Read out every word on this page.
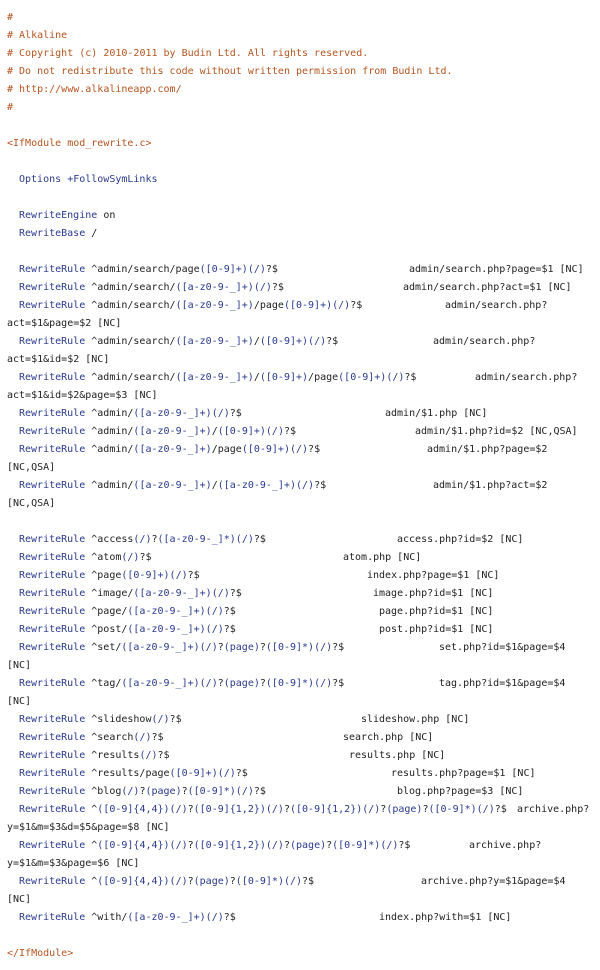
#
# Alkaline
# Copyright (c) 2010-2011 by Budin Ltd. All rights reserved.
# Do not redistribute this code without written permission from Budin Ltd.
# http://www.alkalineapp.com/
#
<IfModule mod_rewrite.c>
Options +FollowSymLinks
RewriteEngine on
RewriteBase /
RewriteRule ^admin/search/page([0-9]+)(/)?$	admin/search.php?page=$1 [NC]
RewriteRule ^admin/search/([a-z0-9-_]+)(/)?$	admin/search.php?act=$1 [NC]
RewriteRule ^admin/search/([a-z0-9-_]+)/page([0-9]+)(/)?$	admin/search.php?
act=$1&page=$2 [NC]
RewriteRule ^admin/search/([a-z0-9-_]+)/([0-9]+)(/)?$	admin/search.php?
act=$1&id=$2 [NC]
RewriteRule ^admin/search/([a-z0-9-_]+)/([0-9]+)/page([0-9]+)(/)?$	admin/search.php?
act=$1&id=$2&page=$3 [NC]
RewriteRule ^admin/([a-z0-9-_]+)(/)?$	admin/$1.php [NC]
RewriteRule ^admin/([a-z0-9-_]+)/([0-9]+)(/)?$	admin/$1.php?id=$2 [NC,QSA]
RewriteRule ^admin/([a-z0-9-_]+)/page([0-9]+)(/)?$	admin/$1.php?page=$2
[NC,QSA]
RewriteRule ^admin/([a-z0-9-_]+)/([a-z0-9-_]+)(/)?$	admin/$1.php?act=$2
[NC,QSA]
RewriteRule ^access(/)?([a-z0-9-_]*)(/)?$	access.php?id=$2 [NC]
RewriteRule ^atom(/)?$	atom.php [NC]
RewriteRule ^page([0-9]+)(/)?$	index.php?page=$1 [NC]
RewriteRule ^image/([a-z0-9-_]+)(/)?$	image.php?id=$1 [NC]
RewriteRule ^page/([a-z0-9-_]+)(/)?$	page.php?id=$1 [NC]
RewriteRule ^post/([a-z0-9-_]+)(/)?$	post.php?id=$1 [NC]
RewriteRule ^set/([a-z0-9-_]+)(/)?(page)?([0-9]*)(/)?$	set.php?id=$1&page=$4
[NC]
RewriteRule ^tag/([a-z0-9-_]+)(/)?(page)?([0-9]*)(/)?$	tag.php?id=$1&page=$4
[NC]
RewriteRule ^slideshow(/)?$	slideshow.php [NC]
RewriteRule ^search(/)?$	search.php [NC]
RewriteRule ^results(/)?$	results.php [NC]
RewriteRule ^results/page([0-9]+)(/)?$	results.php?page=$1 [NC]
RewriteRule ^blog(/)?(page)?([0-9]*)(/)?$	blog.php?page=$3 [NC]
RewriteRule ^([0-9]{4,4})(/)?([0-9]{1,2})(/)?([0-9]{1,2})(/)?(page)?([0-9]*)(/)?$ archive.php?
y=$1&m=$3&d=$5&page=$8 [NC]
RewriteRule ^([0-9]{4,4})(/)?([0-9]{1,2})(/)?(page)?([0-9]*)(/)?$	archive.php?
y=$1&m=$3&page=$6 [NC]
RewriteRule ^([0-9]{4,4})(/)?(page)?([0-9]*)(/)?$	archive.php?y=$1&page=$4
[NC]
RewriteRule ^with/([a-z0-9-_]+)(/)?$	index.php?with=$1 [NC]
</IfModule>
